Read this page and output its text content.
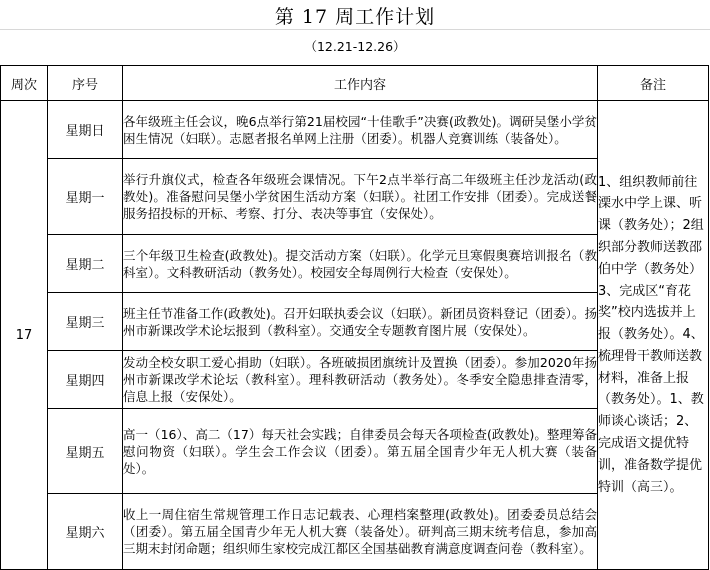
第 17 周工作计划
（12.21-12.26）
周次	序号	工作内容	备注
17	星期日	各年级班主任会议，晚6点举行第21届校园“十佳歌手”决赛(政教处)。调研吴堡小学贫困生情况（妇联）。志愿者报名单网上注册（团委）。机器人竞赛训练（装备处）。	1、组织教师前往溧水中学上课、听课（教务处）；2组织部分教师送教邵伯中学（教务处）3、完成区“育花奖”校内选拔并上报（教务处）。4、梳理骨干教师送教材料，准备上报（教务处）。1、教师谈心谈话；2、完成语文提优特训，准备数学提优特训（高三）。
	星期一	举行升旗仪式，检查各年级班会课情况。下午2点半举行高二年级班主任沙龙活动(政教处)。准备慰问吴堡小学贫困生活动方案（妇联）。社团工作安排（团委）。完成送餐服务招投标的开标、考察、打分、表决等事宜（安保处）。	
	星期二	三个年级卫生检查(政教处)。提交活动方案（妇联）。化学元旦寒假奥赛培训报名（教科室）。文科教研活动（教务处）。校园安全每周例行大检查（安保处）。	
	星期三	班主任节准备工作(政教处)。召开妇联执委会议（妇联）。新团员资料登记（团委）。扬州市新课改学术论坛报到（教科室）。交通安全专题教育图片展（安保处）。	
	星期四	发动全校女职工爱心捐助（妇联）。各班破损团旗统计及置换（团委）。参加2020年扬州市新课改学术论坛（教科室）。理科教研活动（教务处）。冬季安全隐患排查清零，信息上报（安保处）。	
	星期五	高一（16）、高二（17）每天社会实践；自律委员会每天各项检查(政教处)。整理筹备慰问物资（妇联）。学生会工作会议（团委）。第五届全国青少年无人机大赛（装备处）。	
	星期六	收上一周住宿生常规管理工作日志记载表、心理档案整理(政教处)。团委委员总结会（团委）。第五届全国青少年无人机大赛（装备处）。研判高三期末统考信息，参加高三期末封闭命题；组织师生家校完成江都区全国基础教育满意度调查问卷（教科室）。	
